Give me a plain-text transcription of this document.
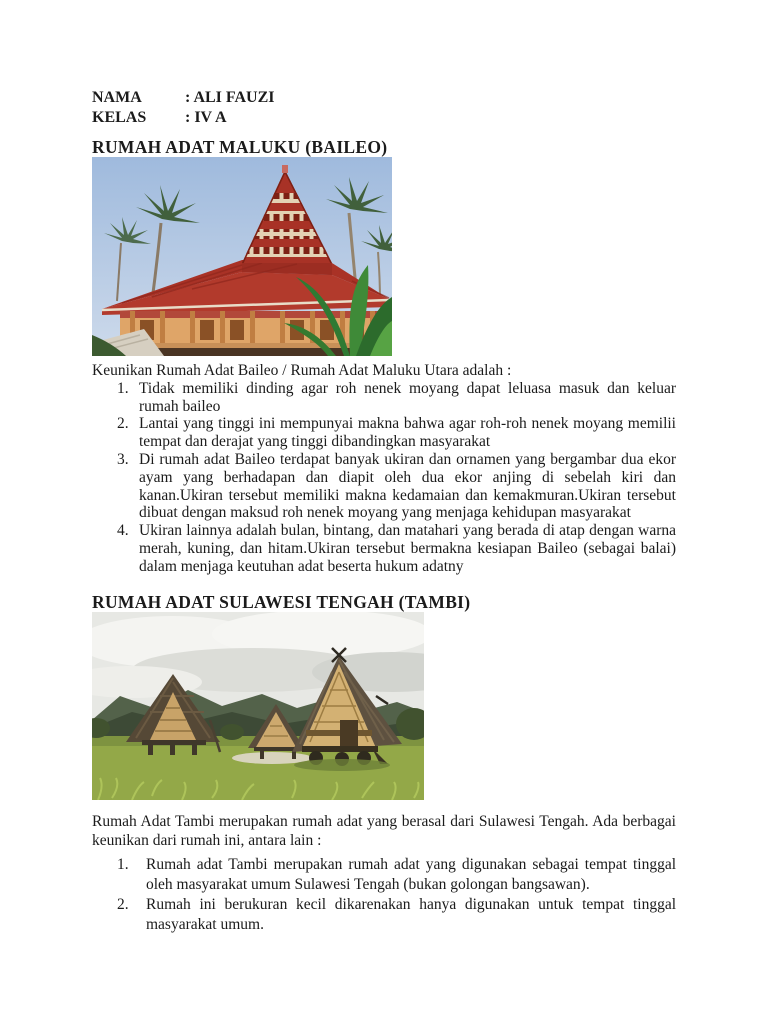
NAMA	: ALI FAUZI
KELAS	: IV A
RUMAH ADAT MALUKU (BAILEO)
Keunikan Rumah Adat Baileo / Rumah Adat Maluku Utara adalah :
1. Tidak memiliki dinding agar roh nenek moyang dapat leluasa masuk dan keluar rumah baileo
2. Lantai yang tinggi ini mempunyai makna bahwa agar roh-roh nenek moyang memilii tempat dan derajat yang tinggi dibandingkan masyarakat
3. Di rumah adat Baileo terdapat banyak ukiran dan ornamen yang bergambar dua ekor ayam yang berhadapan dan diapit oleh dua ekor anjing di sebelah kiri dan kanan.Ukiran tersebut memiliki makna kedamaian dan kemakmuran.Ukiran tersebut dibuat dengan maksud roh nenek moyang yang menjaga kehidupan masyarakat
4. Ukiran lainnya adalah bulan, bintang, dan matahari yang berada di atap dengan warna merah, kuning, dan hitam.Ukiran tersebut bermakna kesiapan Baileo (sebagai balai) dalam menjaga keutuhan adat beserta hukum adatny
RUMAH ADAT SULAWESI TENGAH (TAMBI)
Rumah Adat Tambi merupakan rumah adat yang berasal dari Sulawesi Tengah. Ada berbagai keunikan dari rumah ini, antara lain :
1. Rumah adat Tambi merupakan rumah adat yang digunakan sebagai tempat tinggal oleh masyarakat umum Sulawesi Tengah (bukan golongan bangsawan).
2. Rumah ini berukuran kecil dikarenakan hanya digunakan untuk tempat tinggal masyarakat umum.
